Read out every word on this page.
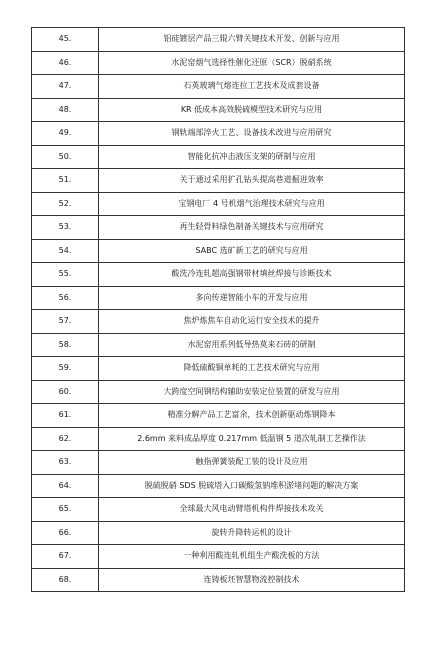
45.	铝硅镀层产品三辊六臂关键技术开发、创新与应用
46.	水泥窑烟气选择性催化还原（SCR）脱硝系统
47.	石英玻璃气熔连拉工艺技术及成套设备
48.	KR 低成本高效脱硫模型技术研究与应用
49.	钢轨端部淬火工艺、设备技术改进与应用研究
50.	智能化抗冲击液压支架的研制与应用
51.	关于通过采用扩孔钻头提高巷道掘进效率
52.	宝钢电厂 4 号机烟气治理技术研究与应用
53.	再生轻骨料绿色制备关键技术与应用研究
54.	SABC 选矿新工艺的研究与应用
55.	酸洗冷连轧超高强钢带材填丝焊接与诊断技术
56.	多向传递智能小车的开发与应用
57.	焦炉炼焦车自动化运行安全技术的提升
58.	水泥窑用系列低导热莫来石砖的研制
59.	降低硫酸铜单耗的工艺技术研究与应用
60.	大跨度空间钢结构辅助安装定位装置的研发与应用
61.	精准分解产品工艺富余，技术创新驱动炼钢降本
62.	2.6mm 来料成品厚度 0.217mm 低温钢 5 道次轧制工艺操作法
63.	触指弹簧装配工装的设计及应用
64.	脱硫脱硝 SDS 脱硫塔入口碳酸氢钠堆积淤堵问题的解决方案
65.	全球最大风电动臂塔机构件焊接技术攻关
66.	旋转升降转运机的设计
67.	一种利用酸连轧机组生产酸洗板的方法
68.	连铸板坯智慧物流控制技术
